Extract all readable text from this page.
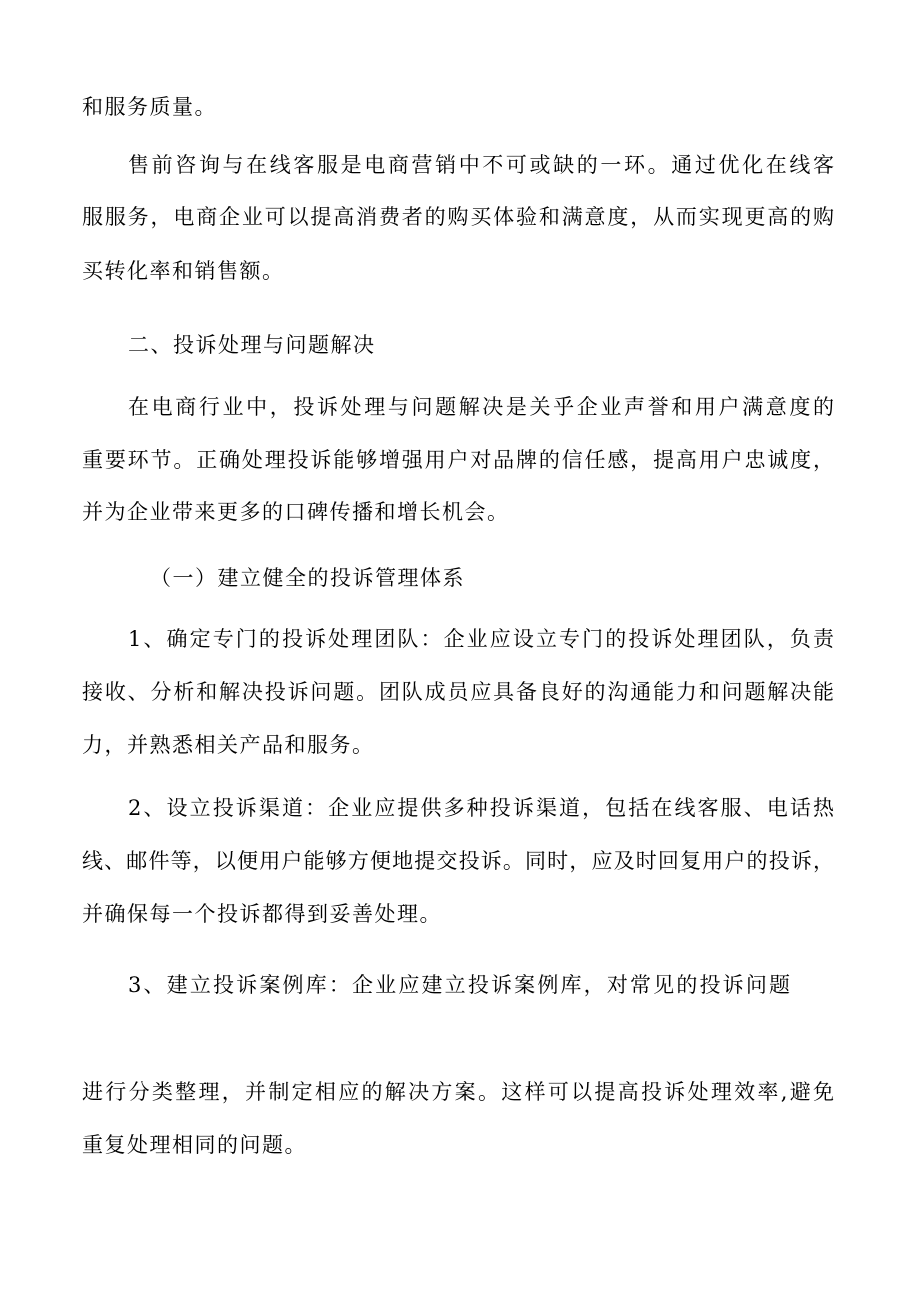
和服务质量。

售前咨询与在线客服是电商营销中不可或缺的一环。通过优化在线客

服服务，电商企业可以提高消费者的购买体验和满意度，从而实现更高的购

买转化率和销售额。

二、投诉处理与问题解决

在电商行业中，投诉处理与问题解决是关乎企业声誉和用户满意度的

重要环节。正确处理投诉能够增强用户对品牌的信任感，提高用户忠诚度，

并为企业带来更多的口碑传播和增长机会。

（一）建立健全的投诉管理体系

1、确定专门的投诉处理团队：企业应设立专门的投诉处理团队，负责

接收、分析和解决投诉问题。团队成员应具备良好的沟通能力和问题解决能

力，并熟悉相关产品和服务。

2、设立投诉渠道：企业应提供多种投诉渠道，包括在线客服、电话热

线、邮件等，以便用户能够方便地提交投诉。同时，应及时回复用户的投诉，

并确保每一个投诉都得到妥善处理。

3、建立投诉案例库：企业应建立投诉案例库，对常见的投诉问题

进行分类整理，并制定相应的解决方案。这样可以提高投诉处理效率,避免

重复处理相同的问题。
